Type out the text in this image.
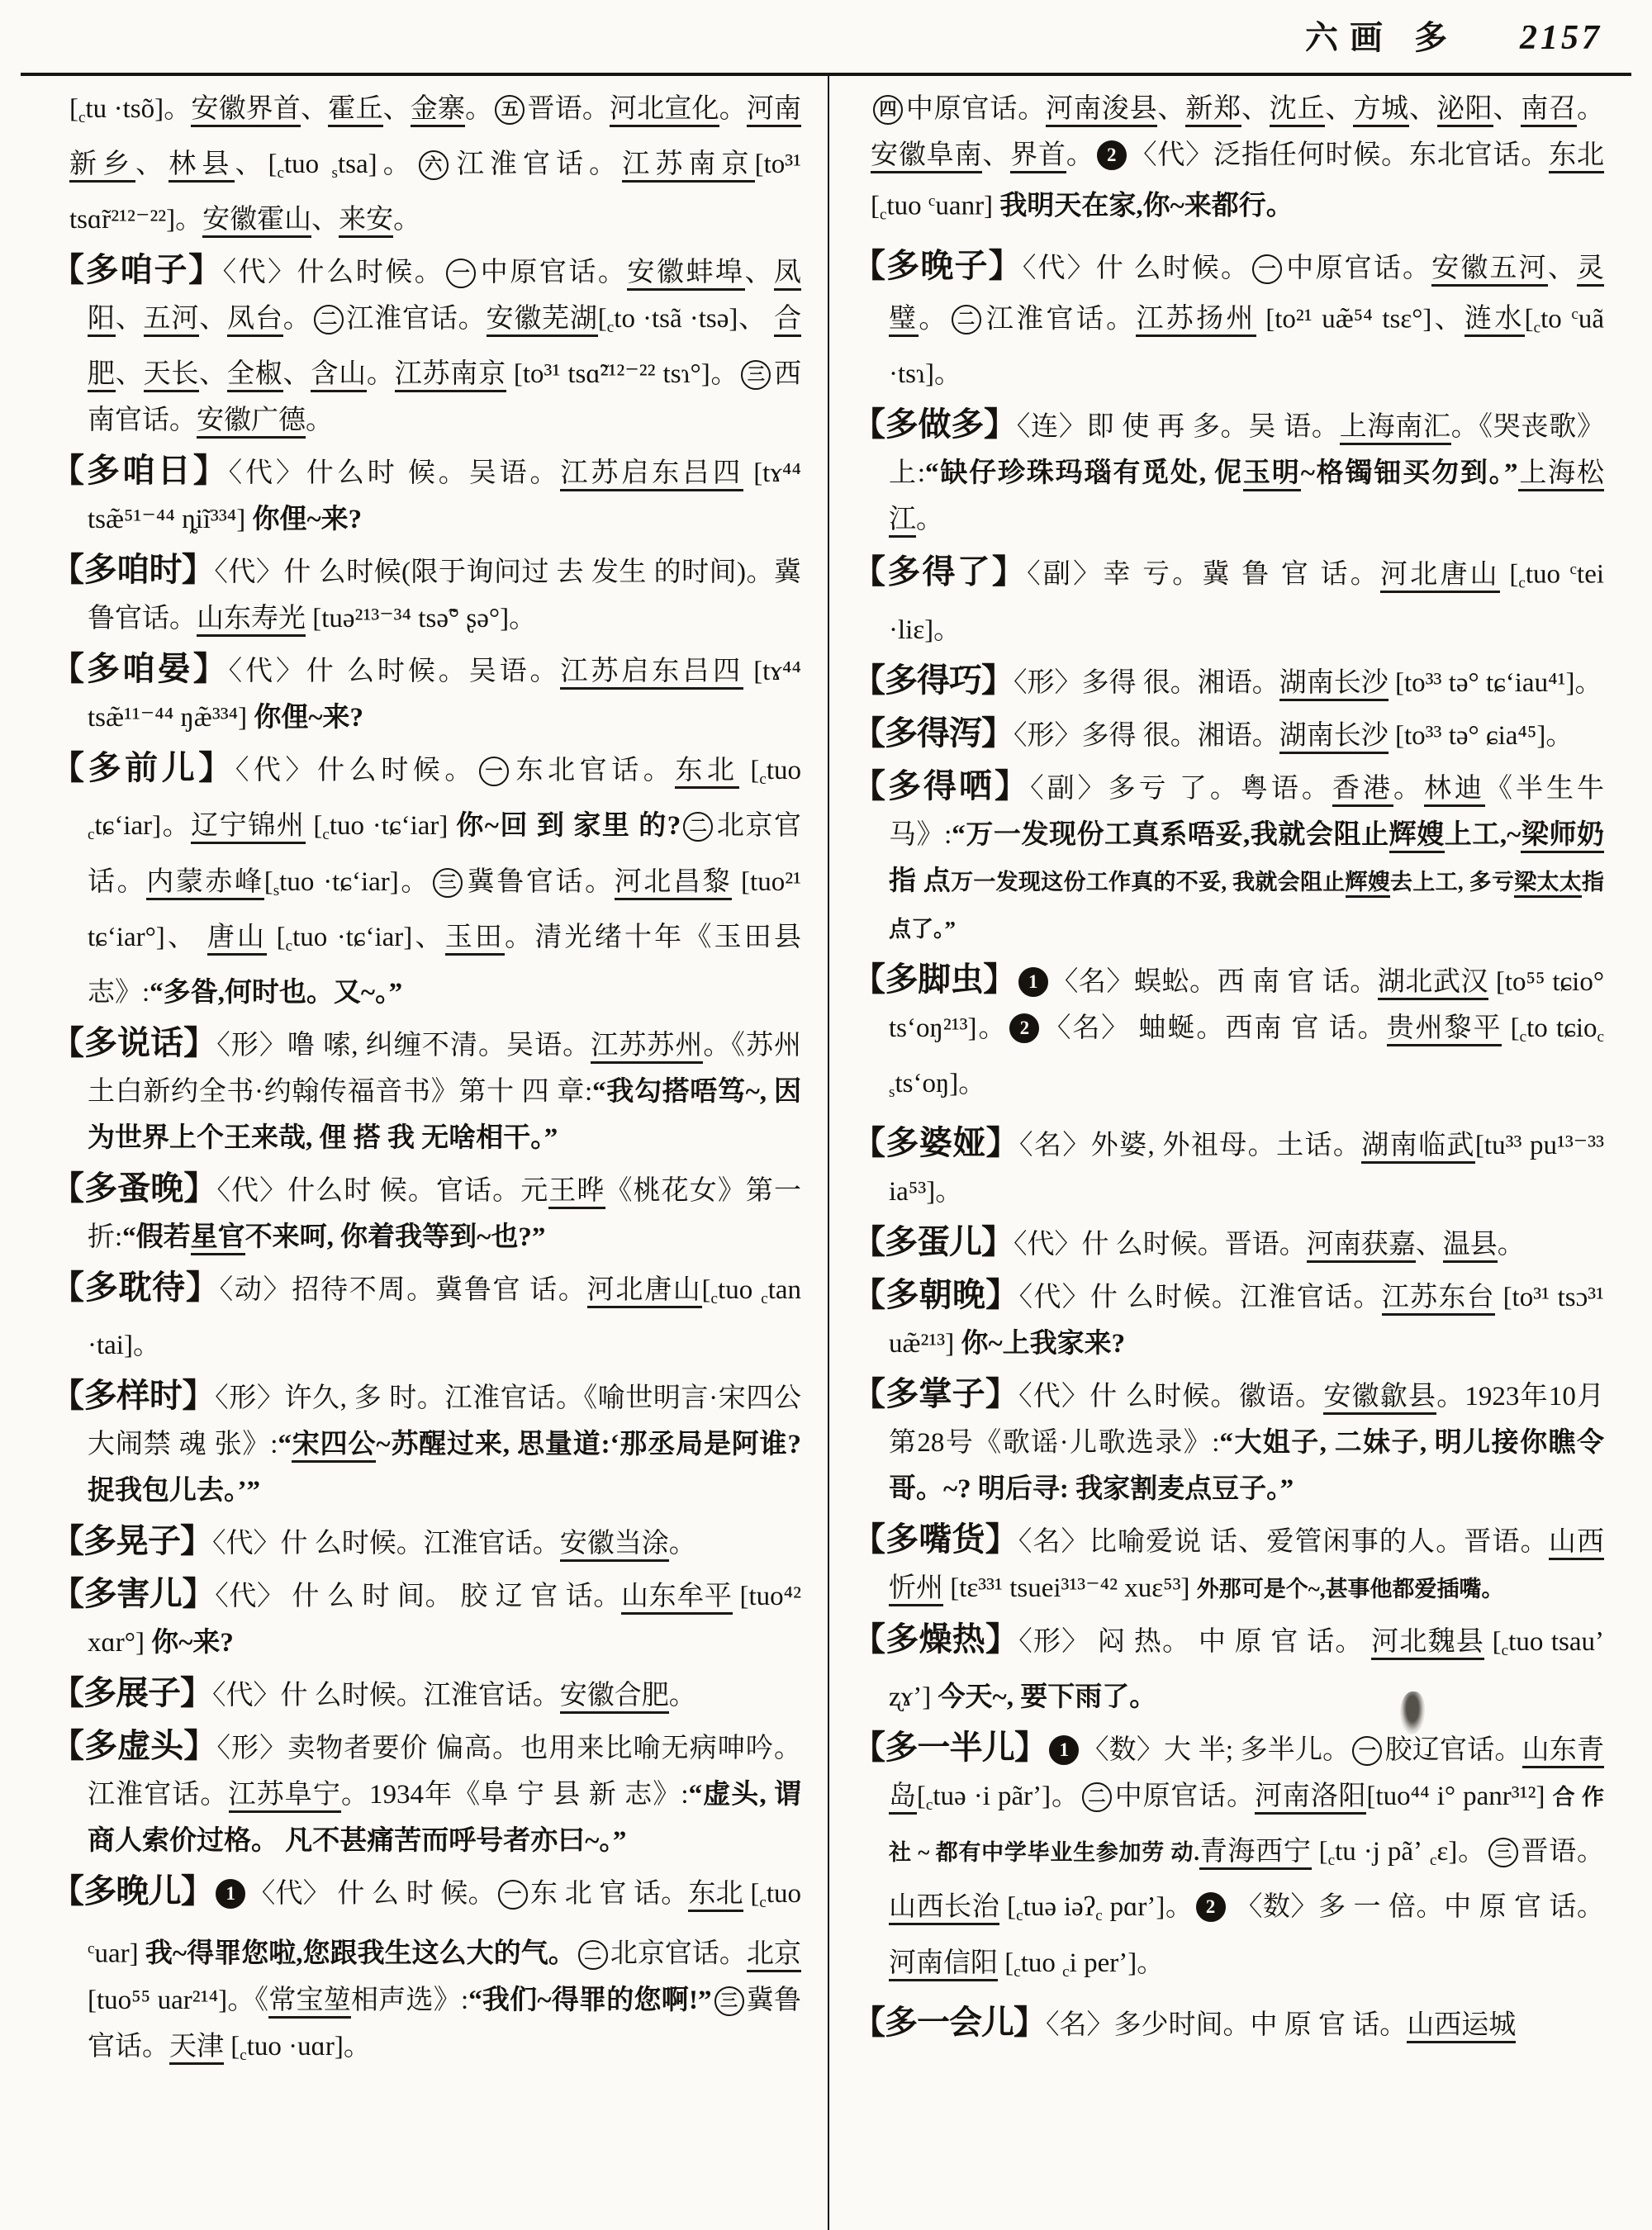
六画 多 2157

[ctu ·tsõ]。安徽界首、霍丘、金寨。 五 晋语。河北宣化。河南新乡、林县、[ctuo stsa]。 六 江淮官话。江苏南京[to³¹ tsɑ̃r²¹²⁻²²]。安徽霍山、来安。

【多咱子】〈代〉什么时候。 一 中原官话。安徽蚌埠、凤阳、五河、凤台。 二 江淮官话。安徽芜湖[cto ·tsã ·tsə]、 合肥、天长、全椒、含山。江苏南京 [to³¹ tsɑ̃²¹²⁻²² tsɿ°]。 三 西南官话。安徽广德。

【多咱日】〈代〉什么时 候。吴语。江苏启东吕四 [tɤ⁴⁴ tsæ̃⁵¹⁻⁴⁴ ȵiĩ³³⁴] 你俚~来?

【多咱时】〈代〉什 么时候(限于询问过 去 发生 的时间)。冀鲁官话。山东寿光 [tuə²¹³⁻³⁴ tsə̃° ʂə°]。

【多咱晏】〈代〉什 么时候。吴语。江苏启东吕四 [tɤ⁴⁴ tsæ̃¹¹⁻⁴⁴ ŋæ̃³³⁴] 你俚~来?

【多前儿】〈代〉什么时候。 一 东北官话。东北 [ctuo ctɕʻiar]。辽宁锦州 [ctuo ·tɕʻiar] 你~回 到 家里 的? 二 北京官话。内蒙赤峰[stuo ·tɕʻiar]。 三 冀鲁官话。河北昌黎 [tuo²¹ tɕʻiar°]、 唐山 [ctuo ·tɕʻiar]、玉田。清光绪十年《玉田县志》:“多昝,何时也。又~。”

【多说话】〈形〉噜 嗦, 纠缠不清。吴语。江苏苏州。《苏州土白新约全书·约翰传福音书》第十 四 章:“我勾搭唔笃~, 因为世界上个王来哉, 俚 搭 我 无啥相干。”

【多蚤晚】〈代〉什么时 候。官话。元王晔《桃花女》第一折:“假若星官不来呵, 你着我等到~也?”

【多耽待】〈动〉招待不周。冀鲁官 话。河北唐山[ctuo ctan ·tai]。

【多样时】〈形〉许久, 多 时。江淮官话。《喻世明言·宋四公大闹禁 魂 张》:“宋四公~苏醒过来, 思量道:‘那丞局是阿谁? 捉我包儿去。’”

【多晃子】〈代〉什 么时候。江淮官话。安徽当涂。

【多害儿】〈代〉 什 么 时 间。 胶 辽 官 话。山东牟平 [tuo⁴² xɑr°] 你~来?

【多展子】〈代〉什 么时候。江淮官话。安徽合肥。

【多虚头】〈形〉卖物者要价 偏高。也用来比喻无病呻吟。江淮官话。江苏阜宁。1934年《阜 宁 县 新 志》:“虚头, 谓商人索价过格。 凡不甚痛苦而呼号者亦曰~。”

【多晚儿】 1 〈代〉 什 么 时 候。 一 东 北 官 话。东北 [ctuo $^c$uar] 我~得罪您啦,您跟我生这么大的气。 二 北京官话。北京[tuo⁵⁵ uar²¹⁴]。《常宝堃相声选》:“我们~得罪的您啊!” 三 冀鲁官话。天津 [ctuo ·uɑr]。

四 中原官话。河南浚县、新郑、沈丘、方城、泌阳、南召。安徽阜南、界首。 2 〈代〉泛指任何时候。东北官话。东北 [ctuo $^c$uanr] 我明天在家,你~来都行。

【多晚子】〈代〉什 么时候。 一 中原官话。安徽五河、灵璧。 二 江淮官话。江苏扬州 [to²¹ uæ̃⁵⁴ tsɛ°]、涟水[cto $^c$uã ·tsɿ]。

【多做多】〈连〉即 使 再 多。吴 语。上海南汇。《哭丧歌》上:“缺仔珍珠玛瑙有觅处, 伲玉明~格镯钿买勿到。”上海松江。

【多得了】〈副〉幸 亏。冀 鲁 官 话。河北唐山 [ctuo $^c$tei ·liɛ]。

【多得巧】〈形〉多得 很。湘语。湖南长沙 [to³³ tə° tɕʻiau⁴¹]。

【多得泻】〈形〉多得 很。湘语。湖南长沙 [to³³ tə° ɕia⁴⁵]。

【多得哂】〈副〉多亏 了。粤语。香港。林迪《半生牛马》:“万一发现份工真系唔妥,我就会阻止辉嫂上工,~梁师奶指 点万一发现这份工作真的不妥, 我就会阻止辉嫂去上工, 多亏梁太太指点了。”

【多脚虫】 1 〈名〉蜈蚣。西 南 官 话。湖北武汉 [to⁵⁵ tɕio° tsʻoŋ²¹³]。 2 〈名〉 蚰蜒。西南 官 话。贵州黎平 [cto tɕioc stsʻoŋ]。

【多婆娅】〈名〉外婆, 外祖母。土话。湖南临武[tu³³ pu¹³⁻³³ ia⁵³]。

【多蛋儿】〈代〉什 么时候。晋语。河南获嘉、温县。

【多朝晚】〈代〉什 么时候。江淮官话。江苏东台 [to³¹ tsɔ³¹ uæ̃²¹³] 你~上我家来?

【多掌子】〈代〉什 么时候。徽语。安徽歙县。1923年10月第28号《歌谣·儿歌选录》:“大姐子, 二妹子, 明儿接你瞧令哥。~? 明后寻: 我家割麦点豆子。”

【多嘴货】〈名〉比喻爱说 话、爱管闲事的人。晋语。山西忻州 [tɛ³³¹ tsuei³¹³⁻⁴² xuɛ⁵³] 外那可是个~,甚事他都爱插嘴。

【多燥热】〈形〉 闷 热。 中 原 官 话。 河北魏县 [ctuo tsauʼ ʐɤʼ] 今天~, 要下雨了。

【多一半儿】 1 〈数〉大 半; 多半儿。 一 胶辽官话。山东青岛[ctuə ·i pãrʼ]。 二 中原官话。河南洛阳[tuo⁴⁴ i° panr³¹²] 合 作 社 ~ 都有中学毕业生参加劳 动.青海西宁 [ctu ·j pãʼ cɛ]。 三 晋语。山西长治 [ctuə iəʔc pɑrʼ]。 2 〈数〉多 一 倍。中 原 官 话。河南信阳 [ctuo ci perʼ]。

【多一会儿】〈名〉多少时间。中 原 官 话。山西运城
